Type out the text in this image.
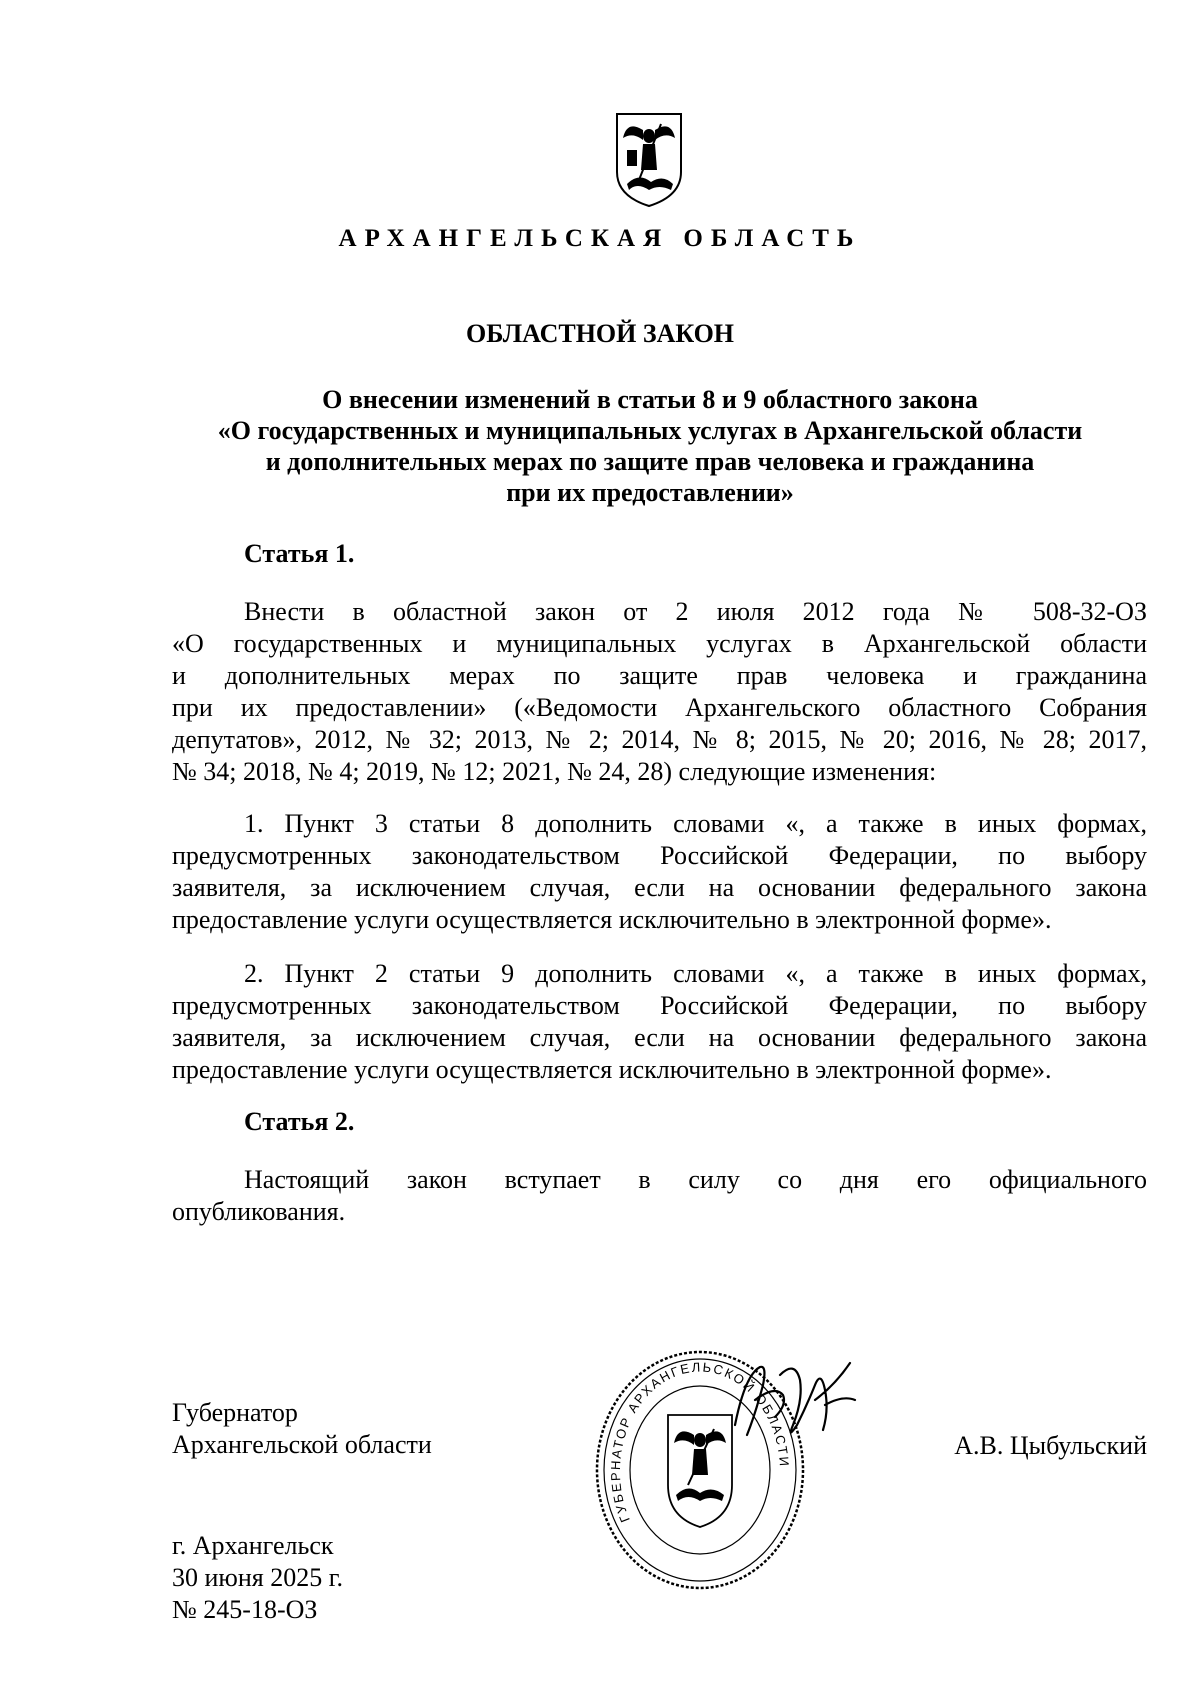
АРХАНГЕЛЬСКАЯ ОБЛАСТЬ
ОБЛАСТНОЙ ЗАКОН
О внесении изменений в статьи 8 и 9 областного закона
«О государственных и муниципальных услугах в Архангельской области
и дополнительных мерах по защите прав человека и гражданина
при их предоставлении»
Статья 1.
Внести в областной закон от 2 июля 2012 года № 508-32-ОЗ
«О государственных и муниципальных услугах в Архангельской области
и дополнительных мерах по защите прав человека и гражданина
при их предоставлении» («Ведомости Архангельского областного Собрания
депутатов», 2012, № 32; 2013, № 2; 2014, № 8; 2015, № 20; 2016, № 28; 2017,
№ 34; 2018, № 4; 2019, № 12; 2021, № 24, 28) следующие изменения:
1. Пункт 3 статьи 8 дополнить словами «, а также в иных формах,
предусмотренных законодательством Российской Федерации, по выбору
заявителя, за исключением случая, если на основании федерального закона
предоставление услуги осуществляется исключительно в электронной форме».
2. Пункт 2 статьи 9 дополнить словами «, а также в иных формах,
предусмотренных законодательством Российской Федерации, по выбору
заявителя, за исключением случая, если на основании федерального закона
предоставление услуги осуществляется исключительно в электронной форме».
Статья 2.
Настоящий закон вступает в силу со дня его официального
опубликования.
Губернатор
Архангельской области
ГУБЕРНАТОР АРХАНГЕЛЬСКОЙ ОБЛАСТИ
А.В. Цыбульский
г. Архангельск
30 июня 2025 г.
№ 245-18-ОЗ
